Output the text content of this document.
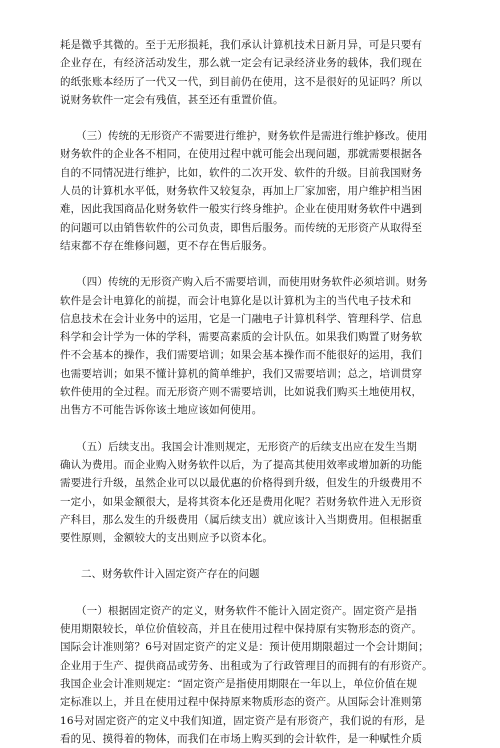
耗是微乎其微的。至于无形损耗，我们承认计算机技术日新月异，可是只要有
企业存在，有经济活动发生，那么就一定会有记录经济业务的载体，我们现在
的纸张账本经历了一代又一代，到目前仍在使用，这不是很好的见证吗？所以
说财务软件一定会有残值，甚至还有重置价值。
　　（三）传统的无形资产不需要进行维护，财务软件是需进行维护修改。使用
财务软件的企业各不相同，在使用过程中就可能会出现问题，那就需要根据各
自的不同情况进行维护，比如，软件的二次开发、软件的升级。目前我国财务
人员的计算机水平低，财务软件又较复杂，再加上厂家加密，用户维护相当困
难，因此我国商品化财务软件一般实行终身维护。企业在使用财务软件中遇到
的问题可以由销售软件的公司负责，即售后服务。而传统的无形资产从取得至
结束都不存在维修问题，更不存在售后服务。
　　（四）传统的无形资产购入后不需要培训，而使用财务软件必须培训。财务
软件是会计电算化的前提，而会计电算化是以计算机为主的当代电子技术和
信息技术在会计业务中的运用，它是一门融电子计算机科学、管理科学、信息
科学和会计学为一体的学科，需要高素质的会计队伍。如果我们购置了财务软
件不会基本的操作，我们需要培训；如果会基本操作而不能很好的运用，我们
也需要培训；如果不懂计算机的简单维护，我们又需要培训；总之，培训贯穿
软件使用的全过程。而无形资产则不需要培训，比如说我们购买土地使用权，
出售方不可能告诉你该土地应该如何使用。
　　（五）后续支出。我国会计准则规定，无形资产的后续支出应在发生当期
确认为费用。而企业购入财务软件以后，为了提高其使用效率或增加新的功能
需要进行升级，虽然企业可以以最优惠的价格得到升级，但发生的升级费用不
一定小，如果金额很大，是将其资本化还是费用化呢？若财务软件进入无形资
产科目，那么发生的升级费用（属后续支出）就应该计入当期费用。但根据重
要性原则，金额较大的支出则应予以资本化。

二、财务软件计入固定资产存在的问题

　　（一）根据固定资产的定义，财务软件不能计入固定资产。固定资产是指
使用期限较长，单位价值较高，并且在使用过程中保持原有实物形态的资产。
国际会计准则第？6号对固定资产的定义是：预计使用期限超过一个会计期间；
企业用于生产、提供商品或劳务、出租或为了行政管理目的而拥有的有形资产。
我国企业会计准则规定：“固定资产是指使用期限在一年以上，单位价值在规
定标准以上，并且在使用过程中保持原来物质形态的资产。从国际会计准则第
16号对固定资产的定义中我们知道，固定资产是有形资产，我们说的有形，是
看的见、摸得着的物体，而我们在市场上购买到的会计软件，是一种赋性介质
